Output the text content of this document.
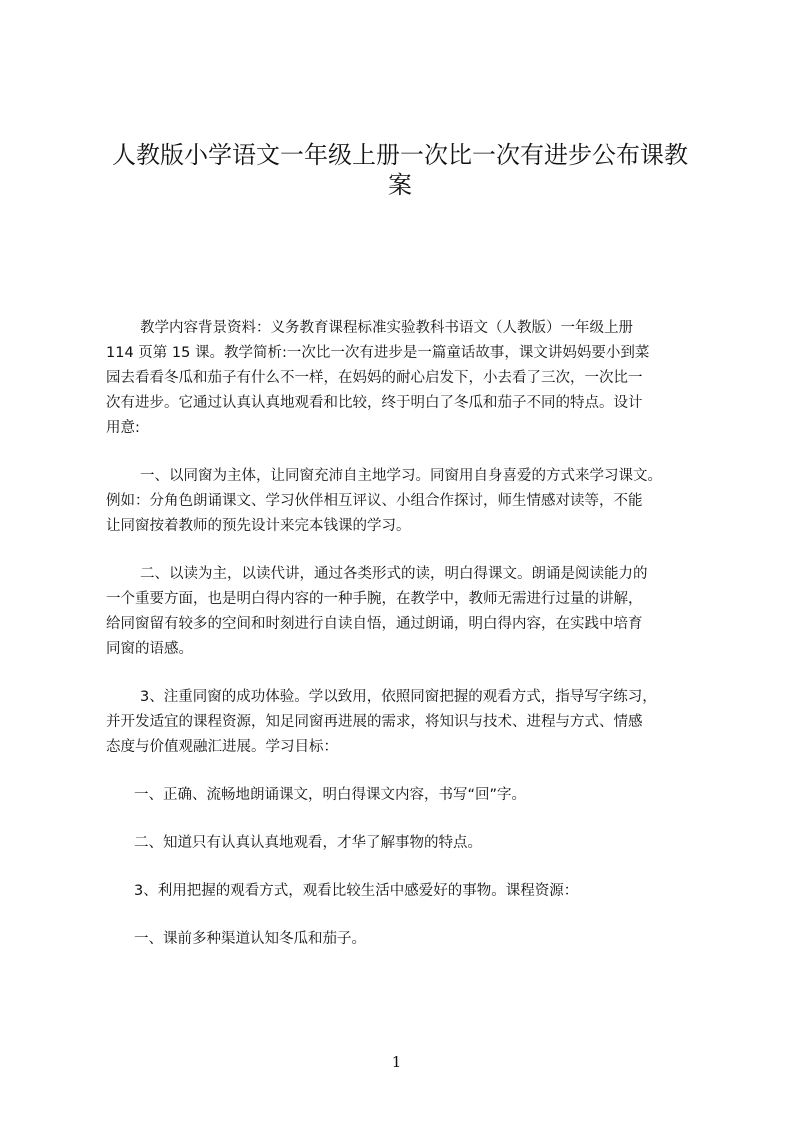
人教版小学语文一年级上册一次比一次有进步公布课教
案

教学内容背景资料：义务教育课程标准实验教科书语文（人教版）一年级上册
114 页第 15 课。教学简析:一次比一次有进步是一篇童话故事，课文讲妈妈要小到菜
园去看看冬瓜和茄子有什么不一样，在妈妈的耐心启发下，小去看了三次，一次比一
次有进步。它通过认真认真地观看和比较，终于明白了冬瓜和茄子不同的特点。设计
用意:

一、以同窗为主体，让同窗充沛自主地学习。同窗用自身喜爱的方式来学习课文。
例如：分角色朗诵课文、学习伙伴相互评议、小组合作探讨，师生情感对读等，不能
让同窗按着教师的预先设计来完本钱课的学习。

二、以读为主，以读代讲，通过各类形式的读，明白得课文。朗诵是阅读能力的
一个重要方面，也是明白得内容的一种手腕，在教学中，教师无需进行过量的讲解，
给同窗留有较多的空间和时刻进行自读自悟，通过朗诵，明白得内容，在实践中培育
同窗的语感。

3、注重同窗的成功体验。学以致用，依照同窗把握的观看方式，指导写字练习，
并开发适宜的课程资源，知足同窗再进展的需求，将知识与技术、进程与方式、情感
态度与价值观融汇进展。学习目标：

一、正确、流畅地朗诵课文，明白得课文内容，书写“回”字。

二、知道只有认真认真地观看，才华了解事物的特点。

3、利用把握的观看方式，观看比较生活中感爱好的事物。课程资源：

一、课前多种渠道认知冬瓜和茄子。

1
